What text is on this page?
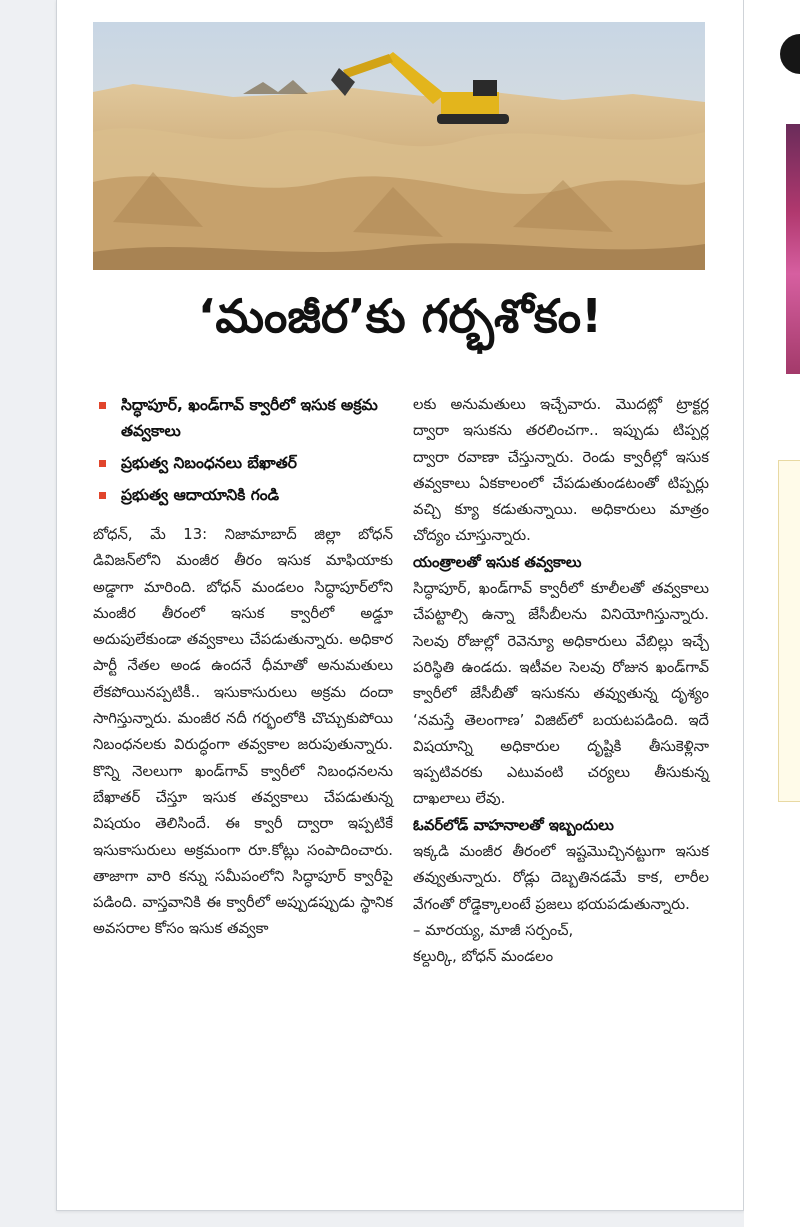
‘మంజీర’కు గర్భశోకం!
సిద్ధాపూర్, ఖండ్‌గావ్ క్వారీలో ఇసుక అక్రమ తవ్వకాలు
ప్రభుత్వ నిబంధనలు బేఖాతర్
ప్రభుత్వ ఆదాయానికి గండి
బోధన్, మే 13: నిజామాబాద్ జిల్లా బోధన్ డివిజన్‌లోని మంజీర తీరం ఇసుక మాఫియాకు అడ్డాగా మారింది. బోధన్ మండలం సిద్ధాపూర్‌లోని మంజీర తీరంలో ఇసుక క్వారీలో అడ్డూ అదుపులేకుండా తవ్వకాలు చేపడుతున్నారు. అధికార పార్టీ నేతల అండ ఉందనే ధీమాతో అనుమతులు లేకపోయినప్పటికీ.. ఇసుకాసురులు అక్రమ దందా సాగిస్తున్నారు. మంజీర నదీ గర్భంలోకి చొచ్చుకుపోయి నిబంధనలకు విరుద్ధంగా తవ్వకాల జరుపుతున్నారు. కొన్ని నెలలుగా ఖండ్‌గావ్ క్వారీలో నిబంధనలను బేఖాతర్ చేస్తూ ఇసుక తవ్వకాలు చేపడుతున్న విషయం తెలిసిందే. ఈ క్వారీ ద్వారా ఇప్పటికే ఇసుకాసురులు అక్రమంగా రూ.కోట్లు సంపాదించారు. తాజాగా వారి కన్ను సమీపంలోని సిద్ధాపూర్ క్వారీపై పడింది. వాస్తవానికి ఈ క్వారీలో అప్పుడప్పుడు స్థానిక అవసరాల కోసం ఇసుక తవ్వకా

లకు అనుమతులు ఇచ్చేవారు. మొదట్లో ట్రాక్టర్ల ద్వారా ఇసుకను తరలించగా.. ఇప్పుడు టిప్పర్ల ద్వారా రవాణా చేస్తున్నారు. రెండు క్వారీల్లో ఇసుక తవ్వకాలు ఏకకాలంలో చేపడుతుండటంతో టిప్పర్లు వచ్చి క్యూ కడుతున్నాయి. అధికారులు మాత్రం చోద్యం చూస్తున్నారు.

యంత్రాలతో ఇసుక తవ్వకాలు

సిద్ధాపూర్, ఖండ్‌గావ్ క్వారీలో కూలీలతో తవ్వకాలు చేపట్టాల్సి ఉన్నా జేసీబీలను వినియోగిస్తున్నారు. సెలవు రోజుల్లో రెవెన్యూ అధికారులు వేబిల్లు ఇచ్చే పరిస్థితి ఉండదు. ఇటీవల సెలవు రోజున ఖండ్‌గావ్ క్వారీలో జేసీబీతో ఇసుకను తవ్వుతున్న దృశ్యం ‘నమస్తే తెలంగాణ’ విజిట్‌లో బయటపడింది. ఇదే విషయాన్ని అధికారుల దృష్టికి తీసుకెళ్లినా ఇప్పటివరకు ఎటువంటి చర్యలు తీసుకున్న దాఖలాలు లేవు.

ఓవర్‌లోడ్ వాహనాలతో ఇబ్బందులు

ఇక్కడి మంజీర తీరంలో ఇష్టమొచ్చినట్టుగా ఇసుక తవ్వుతున్నారు. రోడ్లు దెబ్బతినడమే కాక, లారీల వేగంతో రోడ్డెక్కాలంటే ప్రజలు భయపడుతున్నారు.

– మారయ్య, మాజీ సర్పంచ్,

కల్దుర్కి, బోధన్ మండలం
